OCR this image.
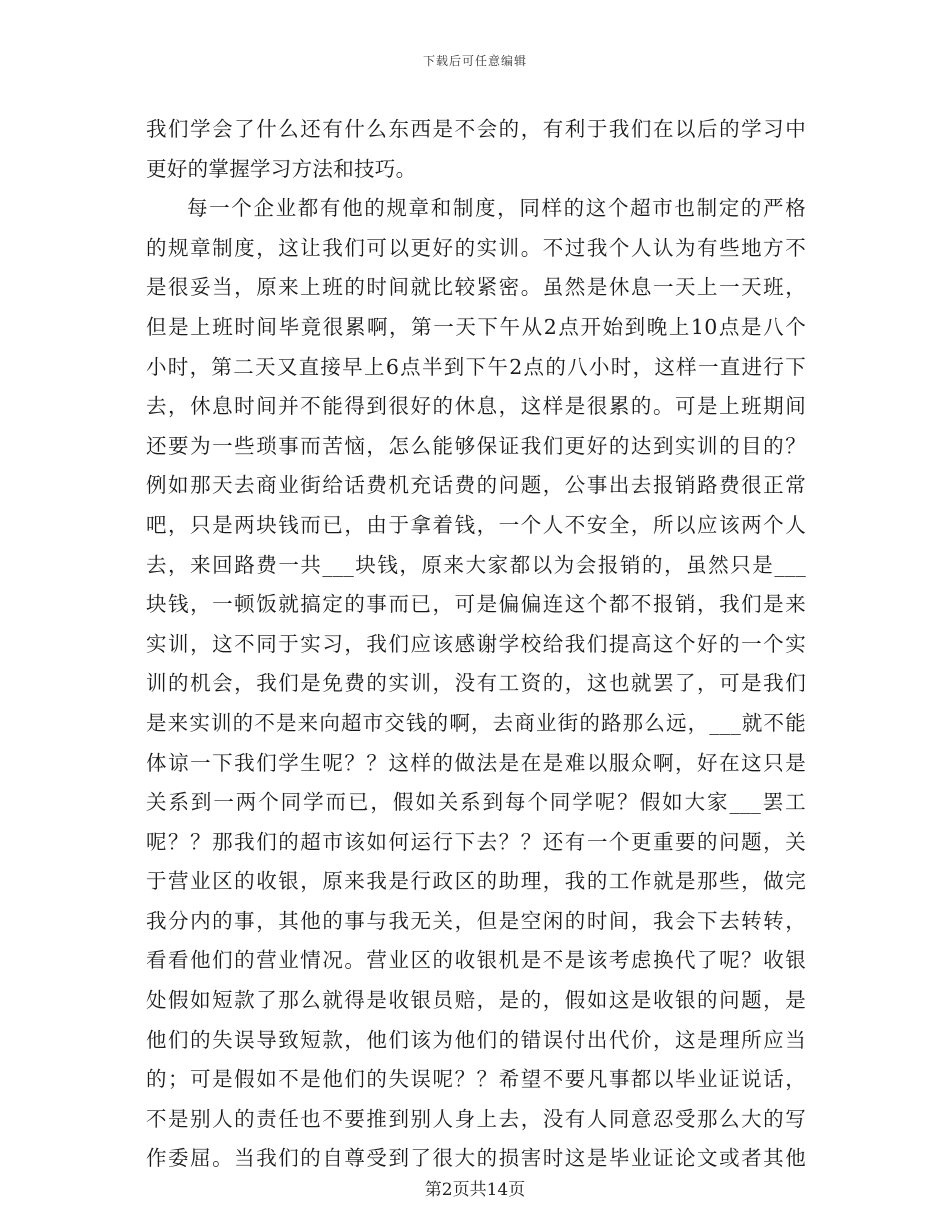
下载后可任意编辑
我们学会了什么还有什么东西是不会的，有利于我们在以后的学习中
更好的掌握学习方法和技巧。
每一个企业都有他的规章和制度，同样的这个超市也制定的严格
的规章制度，这让我们可以更好的实训。不过我个人认为有些地方不
是很妥当，原来上班的时间就比较紧密。虽然是休息一天上一天班，
但是上班时间毕竟很累啊，第一天下午从2点开始到晚上10点是八个
小时，第二天又直接早上6点半到下午2点的八小时，这样一直进行下
去，休息时间并不能得到很好的休息，这样是很累的。可是上班期间
还要为一些琐事而苦恼，怎么能够保证我们更好的达到实训的目的？
例如那天去商业街给话费机充话费的问题，公事出去报销路费很正常
吧，只是两块钱而已，由于拿着钱，一个人不安全，所以应该两个人
去，来回路费一共___块钱，原来大家都以为会报销的，虽然只是___
块钱，一顿饭就搞定的事而已，可是偏偏连这个都不报销，我们是来
实训，这不同于实习，我们应该感谢学校给我们提高这个好的一个实
训的机会，我们是免费的实训，没有工资的，这也就罢了，可是我们
是来实训的不是来向超市交钱的啊，去商业街的路那么远，___就不能
体谅一下我们学生呢？？这样的做法是在是难以服众啊，好在这只是
关系到一两个同学而已，假如关系到每个同学呢？假如大家___罢工
呢？？那我们的超市该如何运行下去？？还有一个更重要的问题，关
于营业区的收银，原来我是行政区的助理，我的工作就是那些，做完
我分内的事，其他的事与我无关，但是空闲的时间，我会下去转转，
看看他们的营业情况。营业区的收银机是不是该考虑换代了呢？收银
处假如短款了那么就得是收银员赔，是的，假如这是收银的问题，是
他们的失误导致短款，他们该为他们的错误付出代价，这是理所应当
的；可是假如不是他们的失误呢？？希望不要凡事都以毕业证说话，
不是别人的责任也不要推到别人身上去，没有人同意忍受那么大的写
作委屈。当我们的自尊受到了很大的损害时这是毕业证论文或者其他
第2页共14页
